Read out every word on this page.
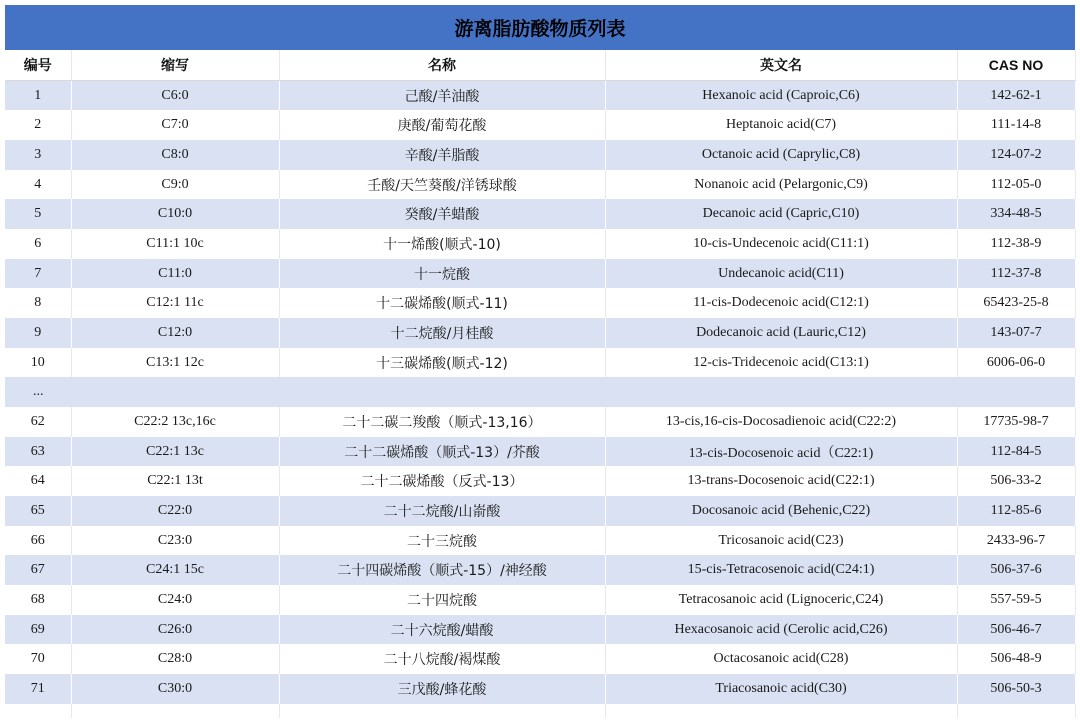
游离脂肪酸物质列表
编号	缩写	名称	英文名	CAS NO
1	C6:0	己酸/羊油酸	Hexanoic acid (Caproic,C6)	142-62-1
2	C7:0	庚酸/葡萄花酸	Heptanoic acid(C7)	111-14-8
3	C8:0	辛酸/羊脂酸	Octanoic acid (Caprylic,C8)	124-07-2
4	C9:0	壬酸/天竺葵酸/洋锈球酸	Nonanoic acid (Pelargonic,C9)	112-05-0
5	C10:0	癸酸/羊蜡酸	Decanoic acid (Capric,C10)	334-48-5
6	C11:1 10c	十一烯酸(顺式-10)	10-cis-Undecenoic acid(C11:1)	112-38-9
7	C11:0	十一烷酸	Undecanoic acid(C11)	112-37-8
8	C12:1 11c	十二碳烯酸(顺式-11)	11-cis-Dodecenoic acid(C12:1)	65423-25-8
9	C12:0	十二烷酸/月桂酸	Dodecanoic acid (Lauric,C12)	143-07-7
10	C13:1 12c	十三碳烯酸(顺式-12)	12-cis-Tridecenoic acid(C13:1)	6006-06-0
...				
62	C22:2 13c,16c	二十二碳二羧酸（顺式-13,16）	13-cis,16-cis-Docosadienoic acid(C22:2)	17735-98-7
63	C22:1 13c	二十二碳烯酸（顺式-13）/芥酸	13-cis-Docosenoic acid（C22:1)	112-84-5
64	C22:1 13t	二十二碳烯酸（反式-13）	13-trans-Docosenoic acid(C22:1)	506-33-2
65	C22:0	二十二烷酸/山嵛酸	Docosanoic acid (Behenic,C22)	112-85-6
66	C23:0	二十三烷酸	Tricosanoic acid(C23)	2433-96-7
67	C24:1 15c	二十四碳烯酸（顺式-15）/神经酸	15-cis-Tetracosenoic acid(C24:1)	506-37-6
68	C24:0	二十四烷酸	Tetracosanoic acid (Lignoceric,C24)	557-59-5
69	C26:0	二十六烷酸/蜡酸	Hexacosanoic acid (Cerolic acid,C26)	506-46-7
70	C28:0	二十八烷酸/褐煤酸	Octacosanoic acid(C28)	506-48-9
71	C30:0	三戊酸/蜂花酸	Triacosanoic acid(C30)	506-50-3
